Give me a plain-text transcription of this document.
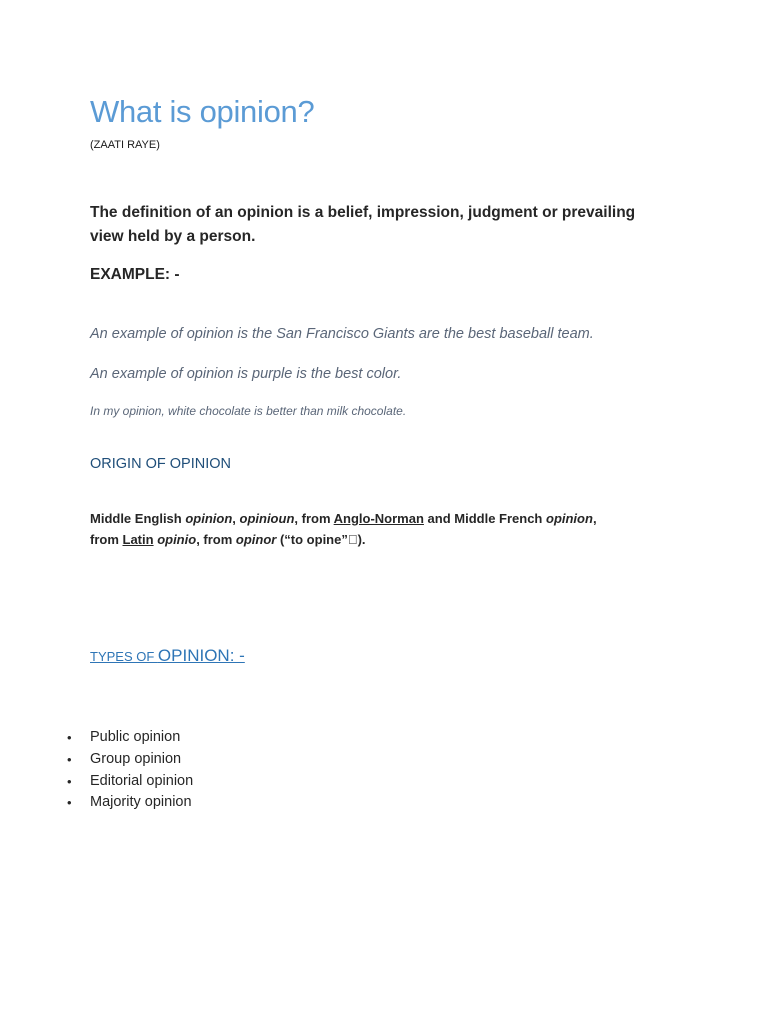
What is opinion?
(ZAATI RAYE)
The definition of an opinion is a belief, impression, judgment or prevailing view held by a person.
EXAMPLE: -
An example of opinion is the San Francisco Giants are the best baseball team.
An example of opinion is purple is the best color.
In my opinion, white chocolate is better than milk chocolate.
ORIGIN OF OPINION
Middle English opinion, opinioun, from Anglo-Norman and Middle French opinion,
from Latin opinio, from opinor (“to opine” ).
TYPES OF OPINION: -
• Public opinion
• Group opinion
• Editorial opinion
• Majority opinion
